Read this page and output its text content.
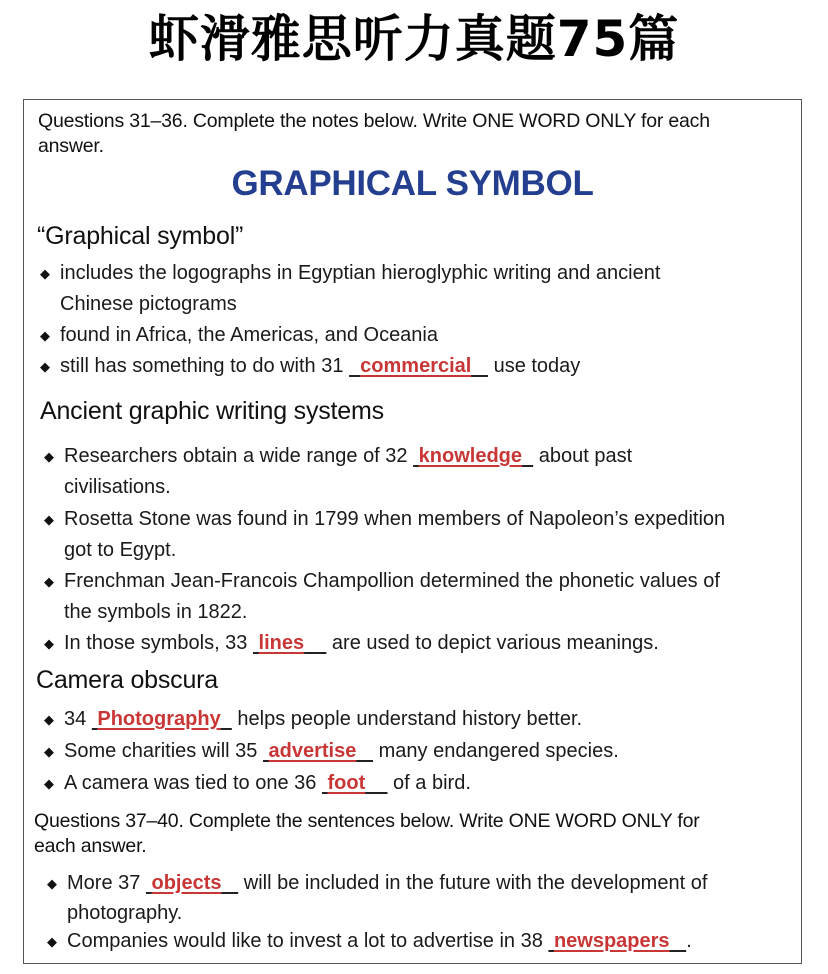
虾滑雅思听力真题75篇
Questions 31–36. Complete the notes below. Write ONE WORD ONLY for each
answer.
GRAPHICAL SYMBOL
“Graphical symbol”
◆ includes the logographs in Egyptian hieroglyphic writing and ancient
Chinese pictograms
◆ found in Africa, the Americas, and Oceania
◆ still has something to do with 31   commercial    use today
Ancient graphic writing systems
◆ Researchers obtain a wide range of 32  knowledge   about past
civilisations.
◆ Rosetta Stone was found in 1799 when members of Napoleon’s expedition
got to Egypt.
◆ Frenchman Jean-Francois Champollion determined the phonetic values of
the symbols in 1822.
◆ In those symbols, 33  lines     are used to depict various meanings.
Camera obscura
◆ 34  Photography   helps people understand history better.
◆ Some charities will 35  advertise    many endangered species.
◆ A camera was tied to one 36  foot     of a bird.
Questions 37–40. Complete the sentences below. Write ONE WORD ONLY for
each answer.
◆ More 37  objects    will be included in the future with the development of
photography.
◆ Companies would like to invest a lot to advertise in 38  newspapers .
